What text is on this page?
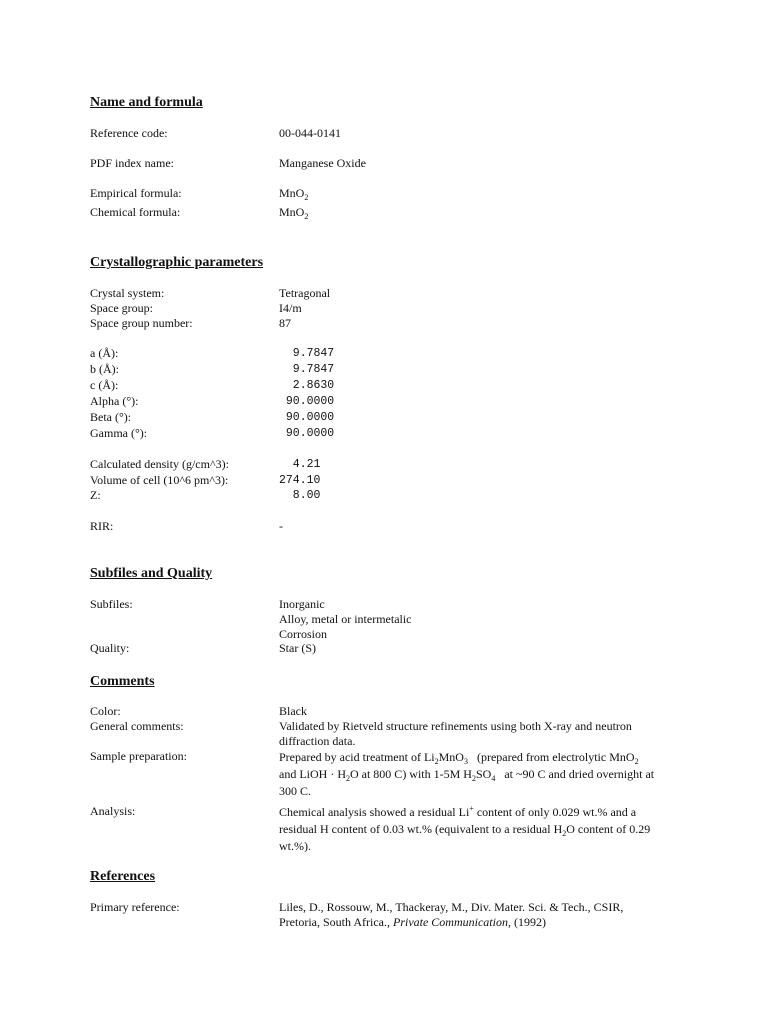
Name and formula
Reference code:	00-044-0141
PDF index name:	Manganese Oxide
Empirical formula:	MnO$_2$
Chemical formula:	MnO$_2$
Crystallographic parameters
Crystal system:	Tetragonal
Space group:	I4/m
Space group number:	87
a (Å):	9.7847
b (Å):	9.7847
c (Å):	2.8630
Alpha (°):	90.0000
Beta (°):	90.0000
Gamma (°):	90.0000
Calculated density (g/cm^3):	4.21
Volume of cell (10^6 pm^3):	274.10
Z:	8.00
RIR:	-
Subfiles and Quality
Subfiles:	Inorganic
Alloy, metal or intermetalic
Corrosion
Quality:	Star (S)
Comments
Color:	Black
General comments:	Validated by Rietveld structure refinements using both X-ray and neutron
diffraction data.
Sample preparation:	Prepared by acid treatment of $Li_2MnO_3$   (prepared from electrolytic MnO$_2$
and LiOH · $H_2O$ at 800 C) with 1-5M $H_2SO_4$   at ~90 C and dried overnight at
300 C.
Analysis:	Chemical analysis showed a residual Li+ content of only 0.029 wt.% and a
residual H content of 0.03 wt.% (equivalent to a residual $H_2O$ content of 0.29
wt.%).
References
Primary reference:	Liles, D., Rossouw, M., Thackeray, M., Div. Mater. Sci. & Tech., CSIR,
Pretoria, South Africa., Private Communication, (1992)
